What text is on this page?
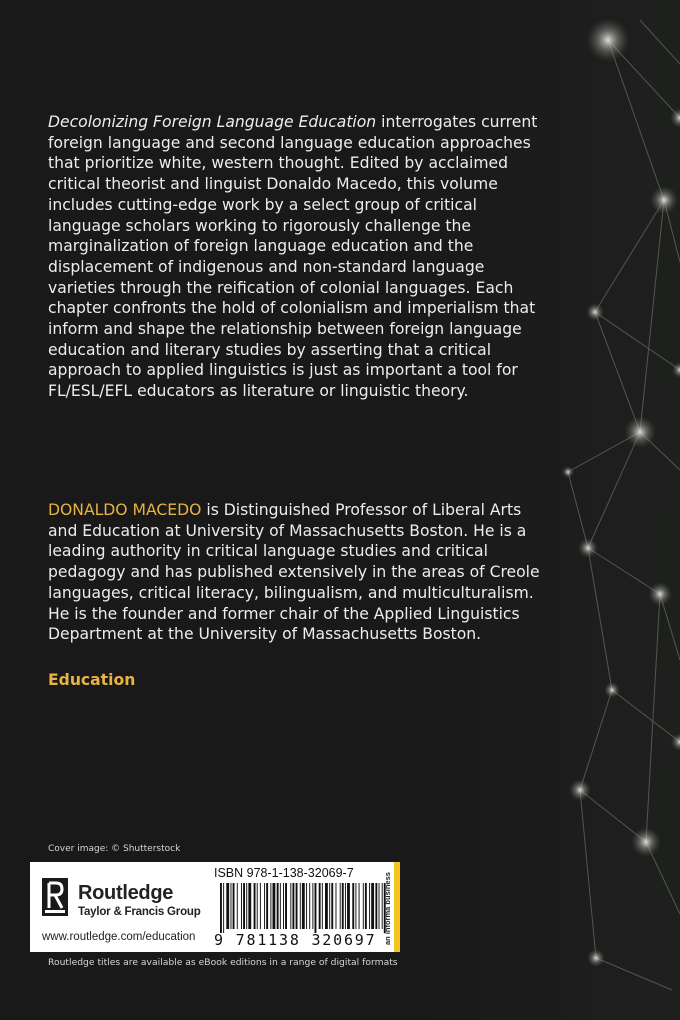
Decolonizing Foreign Language Education interrogates current foreign language and second language education approaches that prioritize white, western thought. Edited by acclaimed critical theorist and linguist Donaldo Macedo, this volume includes cutting-edge work by a select group of critical language scholars working to rigorously challenge the marginalization of foreign language education and the displacement of indigenous and non-standard language varieties through the reification of colonial languages. Each chapter confronts the hold of colonialism and imperialism that inform and shape the relationship between foreign language education and literary studies by asserting that a critical approach to applied linguistics is just as important a tool for FL/ESL/EFL educators as literature or linguistic theory.

DONALDO MACEDO is Distinguished Professor of Liberal Arts and Education at University of Massachusetts Boston. He is a leading authority in critical language studies and critical pedagogy and has published extensively in the areas of Creole languages, critical literacy, bilingualism, and multiculturalism. He is the founder and former chair of the Applied Linguistics Department at the University of Massachusetts Boston.

Education
Cover image: © Shutterstock
Routledge
Taylor & Francis Group
www.routledge.com/education
ISBN 978-1-138-32069-7
9 781138 320697 an informa business
Routledge titles are available as eBook editions in a range of digital formats
